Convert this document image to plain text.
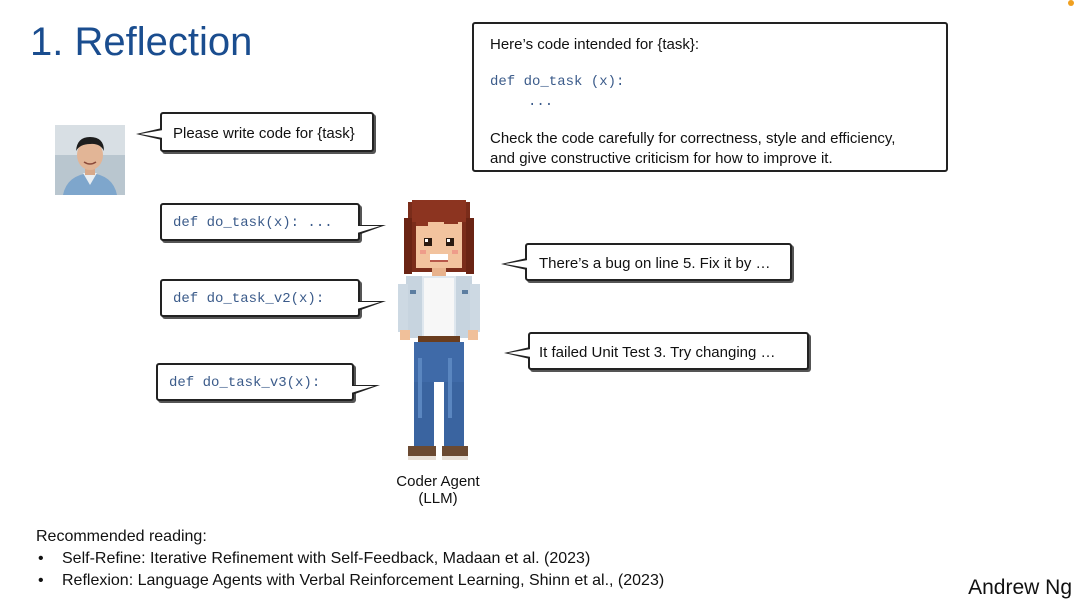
1. Reflection
Please write code for {task}
Here’s code intended for {task}:
def do_task (x):
...
Check the code carefully for correctness, style and efficiency,
and give constructive criticism for how to improve it.
def do_task(x): ...
def do_task_v2(x):
def do_task_v3(x):
There’s a bug on line 5. Fix it by …
It failed Unit Test 3. Try changing …
Coder Agent
(LLM)
Recommended reading:
• Self-Refine: Iterative Refinement with Self-Feedback, Madaan et al. (2023)
• Reflexion: Language Agents with Verbal Reinforcement Learning, Shinn et al., (2023)	Andrew Ng
